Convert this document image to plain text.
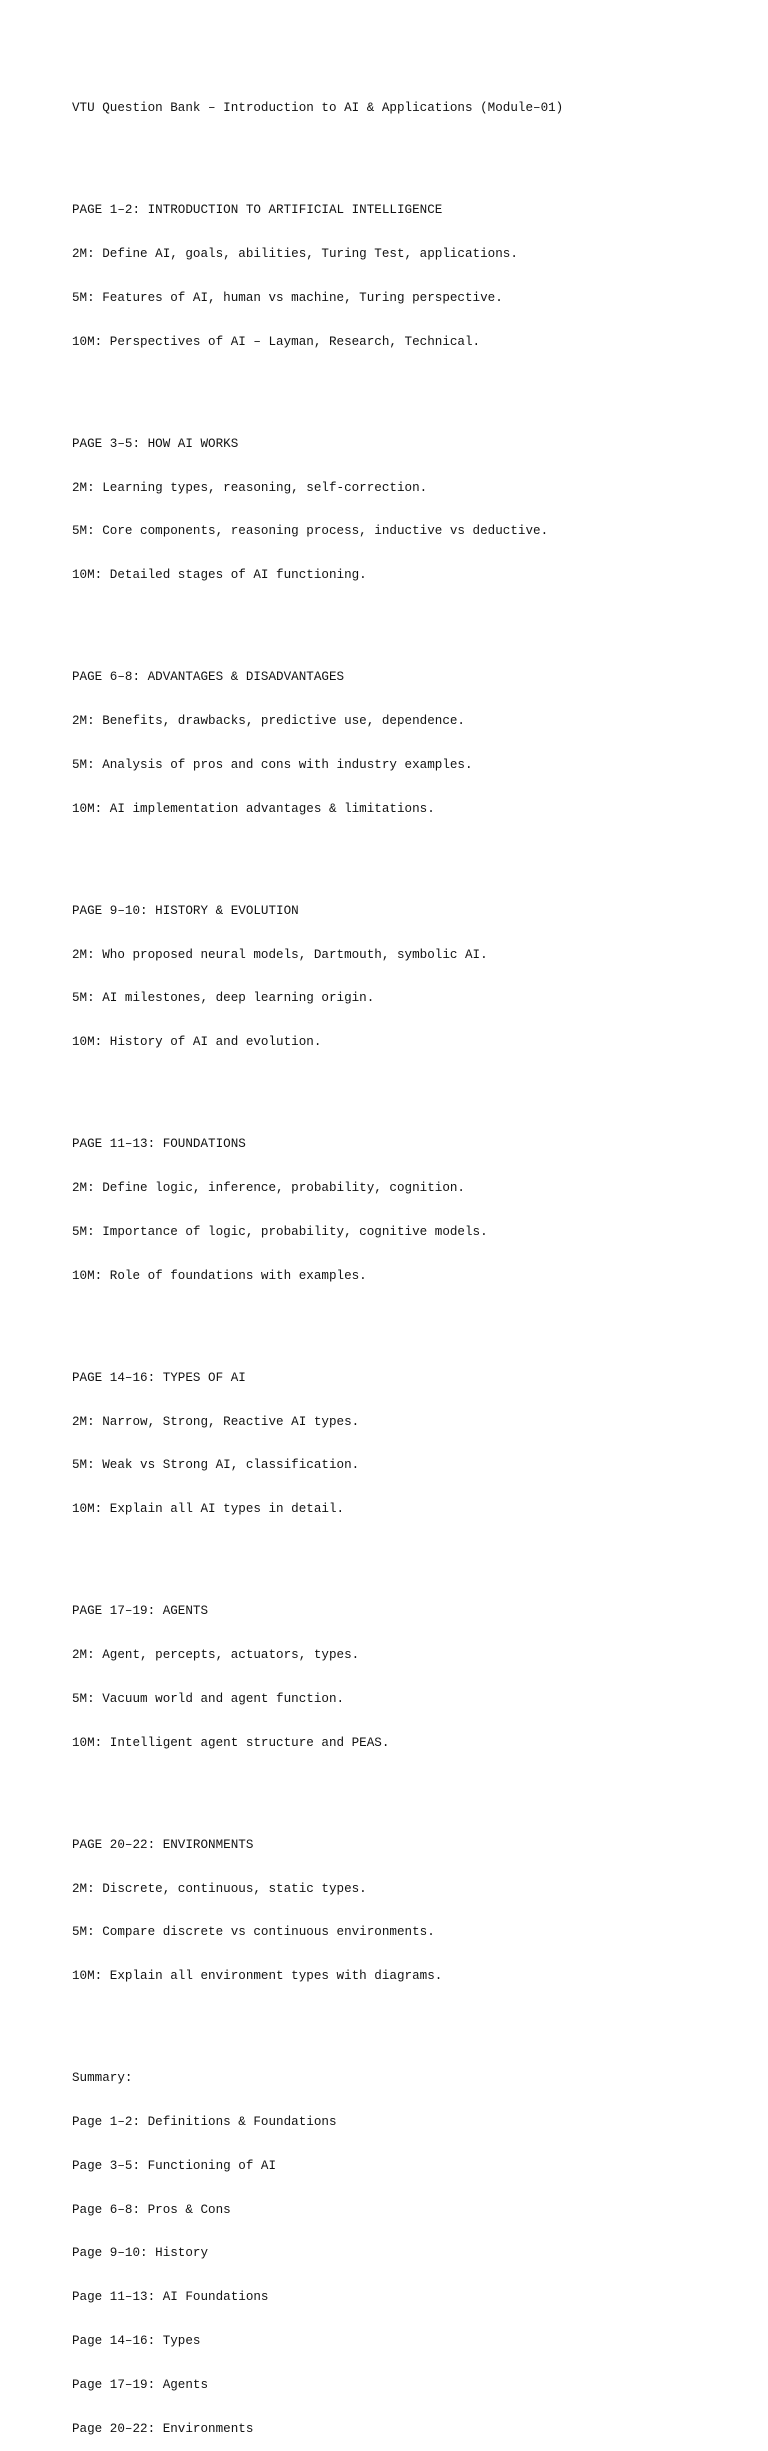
VTU Question Bank – Introduction to AI & Applications (Module–01)

PAGE 1–2: INTRODUCTION TO ARTIFICIAL INTELLIGENCE

2M: Define AI, goals, abilities, Turing Test, applications.

5M: Features of AI, human vs machine, Turing perspective.

10M: Perspectives of AI – Layman, Research, Technical.

PAGE 3–5: HOW AI WORKS

2M: Learning types, reasoning, self-correction.

5M: Core components, reasoning process, inductive vs deductive.

10M: Detailed stages of AI functioning.

PAGE 6–8: ADVANTAGES & DISADVANTAGES

2M: Benefits, drawbacks, predictive use, dependence.

5M: Analysis of pros and cons with industry examples.

10M: AI implementation advantages & limitations.

PAGE 9–10: HISTORY & EVOLUTION

2M: Who proposed neural models, Dartmouth, symbolic AI.

5M: AI milestones, deep learning origin.

10M: History of AI and evolution.

PAGE 11–13: FOUNDATIONS

2M: Define logic, inference, probability, cognition.

5M: Importance of logic, probability, cognitive models.

10M: Role of foundations with examples.

PAGE 14–16: TYPES OF AI

2M: Narrow, Strong, Reactive AI types.

5M: Weak vs Strong AI, classification.

10M: Explain all AI types in detail.

PAGE 17–19: AGENTS

2M: Agent, percepts, actuators, types.

5M: Vacuum world and agent function.

10M: Intelligent agent structure and PEAS.

PAGE 20–22: ENVIRONMENTS

2M: Discrete, continuous, static types.

5M: Compare discrete vs continuous environments.

10M: Explain all environment types with diagrams.

Summary:

Page 1–2: Definitions & Foundations

Page 3–5: Functioning of AI

Page 6–8: Pros & Cons

Page 9–10: History

Page 11–13: AI Foundations

Page 14–16: Types

Page 17–19: Agents

Page 20–22: Environments
